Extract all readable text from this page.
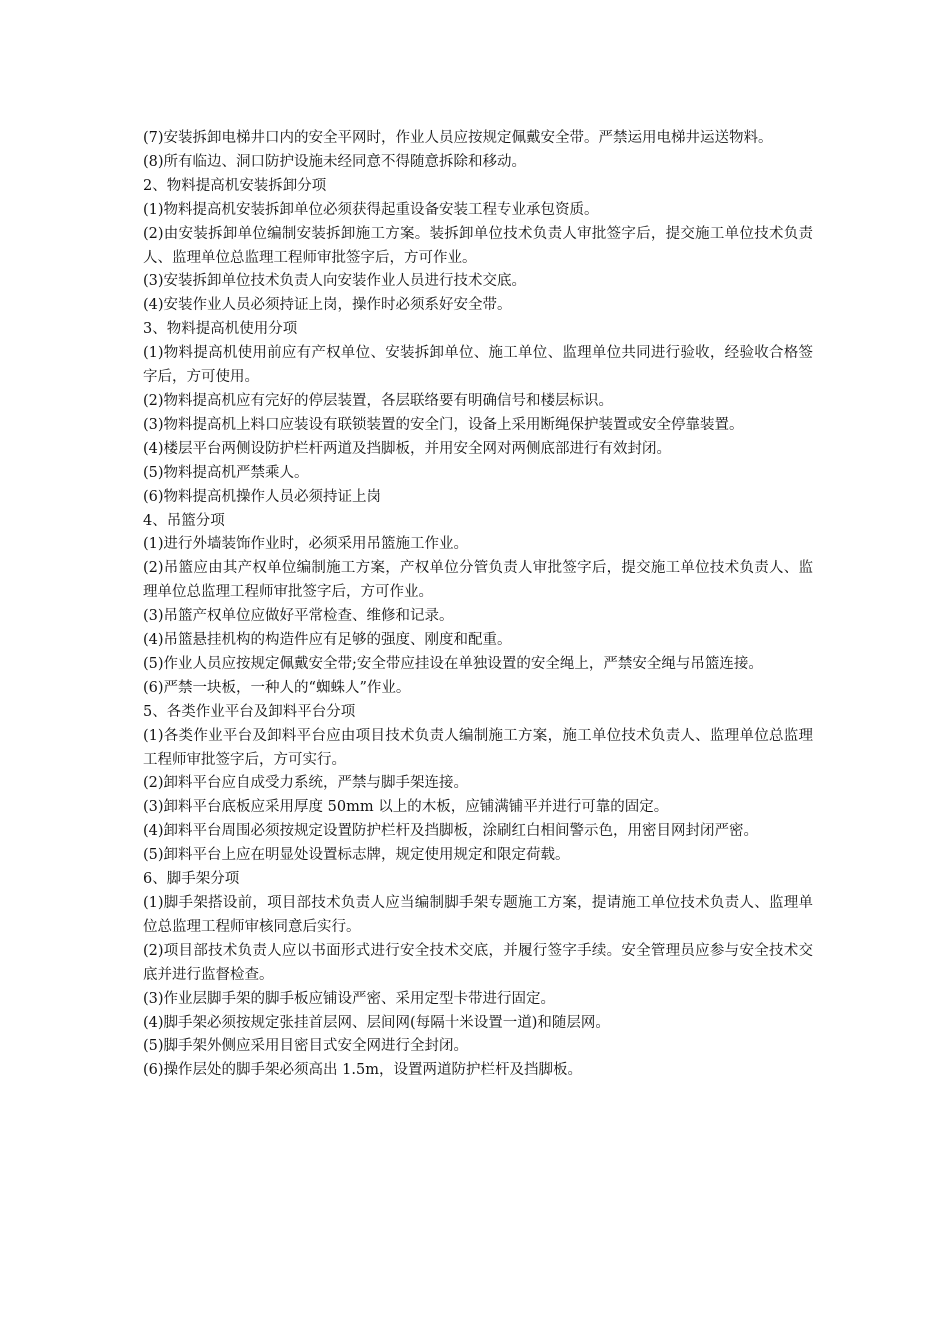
(7)安装拆卸电梯井口内的安全平网时，作业人员应按规定佩戴安全带。严禁运用电梯井运送物料。

(8)所有临边、洞口防护设施未经同意不得随意拆除和移动。

2、物料提高机安装拆卸分项

(1)物料提高机安装拆卸单位必须获得起重设备安装工程专业承包资质。

(2)由安装拆卸单位编制安装拆卸施工方案。装拆卸单位技术负责人审批签字后，提交施工单位技术负责人、监理单位总监理工程师审批签字后，方可作业。

(3)安装拆卸单位技术负责人向安装作业人员进行技术交底。

(4)安装作业人员必须持证上岗，操作时必须系好安全带。

3、物料提高机使用分项

(1)物料提高机使用前应有产权单位、安装拆卸单位、施工单位、监理单位共同进行验收，经验收合格签字后，方可使用。

(2)物料提高机应有完好的停层装置，各层联络要有明确信号和楼层标识。

(3)物料提高机上料口应装设有联锁装置的安全门，设备上采用断绳保护装置或安全停靠装置。

(4)楼层平台两侧设防护栏杆两道及挡脚板，并用安全网对两侧底部进行有效封闭。

(5)物料提高机严禁乘人。

(6)物料提高机操作人员必须持证上岗

4、吊篮分项

(1)进行外墙装饰作业时，必须采用吊篮施工作业。

(2)吊篮应由其产权单位编制施工方案，产权单位分管负责人审批签字后，提交施工单位技术负责人、监理单位总监理工程师审批签字后，方可作业。

(3)吊篮产权单位应做好平常检查、维修和记录。

(4)吊篮悬挂机构的构造件应有足够的强度、刚度和配重。

(5)作业人员应按规定佩戴安全带;安全带应挂设在单独设置的安全绳上，严禁安全绳与吊篮连接。

(6)严禁一块板，一种人的“蜘蛛人”作业。

5、各类作业平台及卸料平台分项

(1)各类作业平台及卸料平台应由项目技术负责人编制施工方案，施工单位技术负责人、监理单位总监理工程师审批签字后，方可实行。

(2)卸料平台应自成受力系统，严禁与脚手架连接。

(3)卸料平台底板应采用厚度 50mm 以上的木板，应铺满铺平并进行可靠的固定。

(4)卸料平台周围必须按规定设置防护栏杆及挡脚板，涂刷红白相间警示色，用密目网封闭严密。

(5)卸料平台上应在明显处设置标志牌，规定使用规定和限定荷载。

6、脚手架分项

(1)脚手架搭设前，项目部技术负责人应当编制脚手架专题施工方案，提请施工单位技术负责人、监理单位总监理工程师审核同意后实行。

(2)项目部技术负责人应以书面形式进行安全技术交底，并履行签字手续。安全管理员应参与安全技术交底并进行监督检查。

(3)作业层脚手架的脚手板应铺设严密、采用定型卡带进行固定。

(4)脚手架必须按规定张挂首层网、层间网(每隔十米设置一道)和随层网。

(5)脚手架外侧应采用目密目式安全网进行全封闭。

(6)操作层处的脚手架必须高出 1.5m，设置两道防护栏杆及挡脚板。
